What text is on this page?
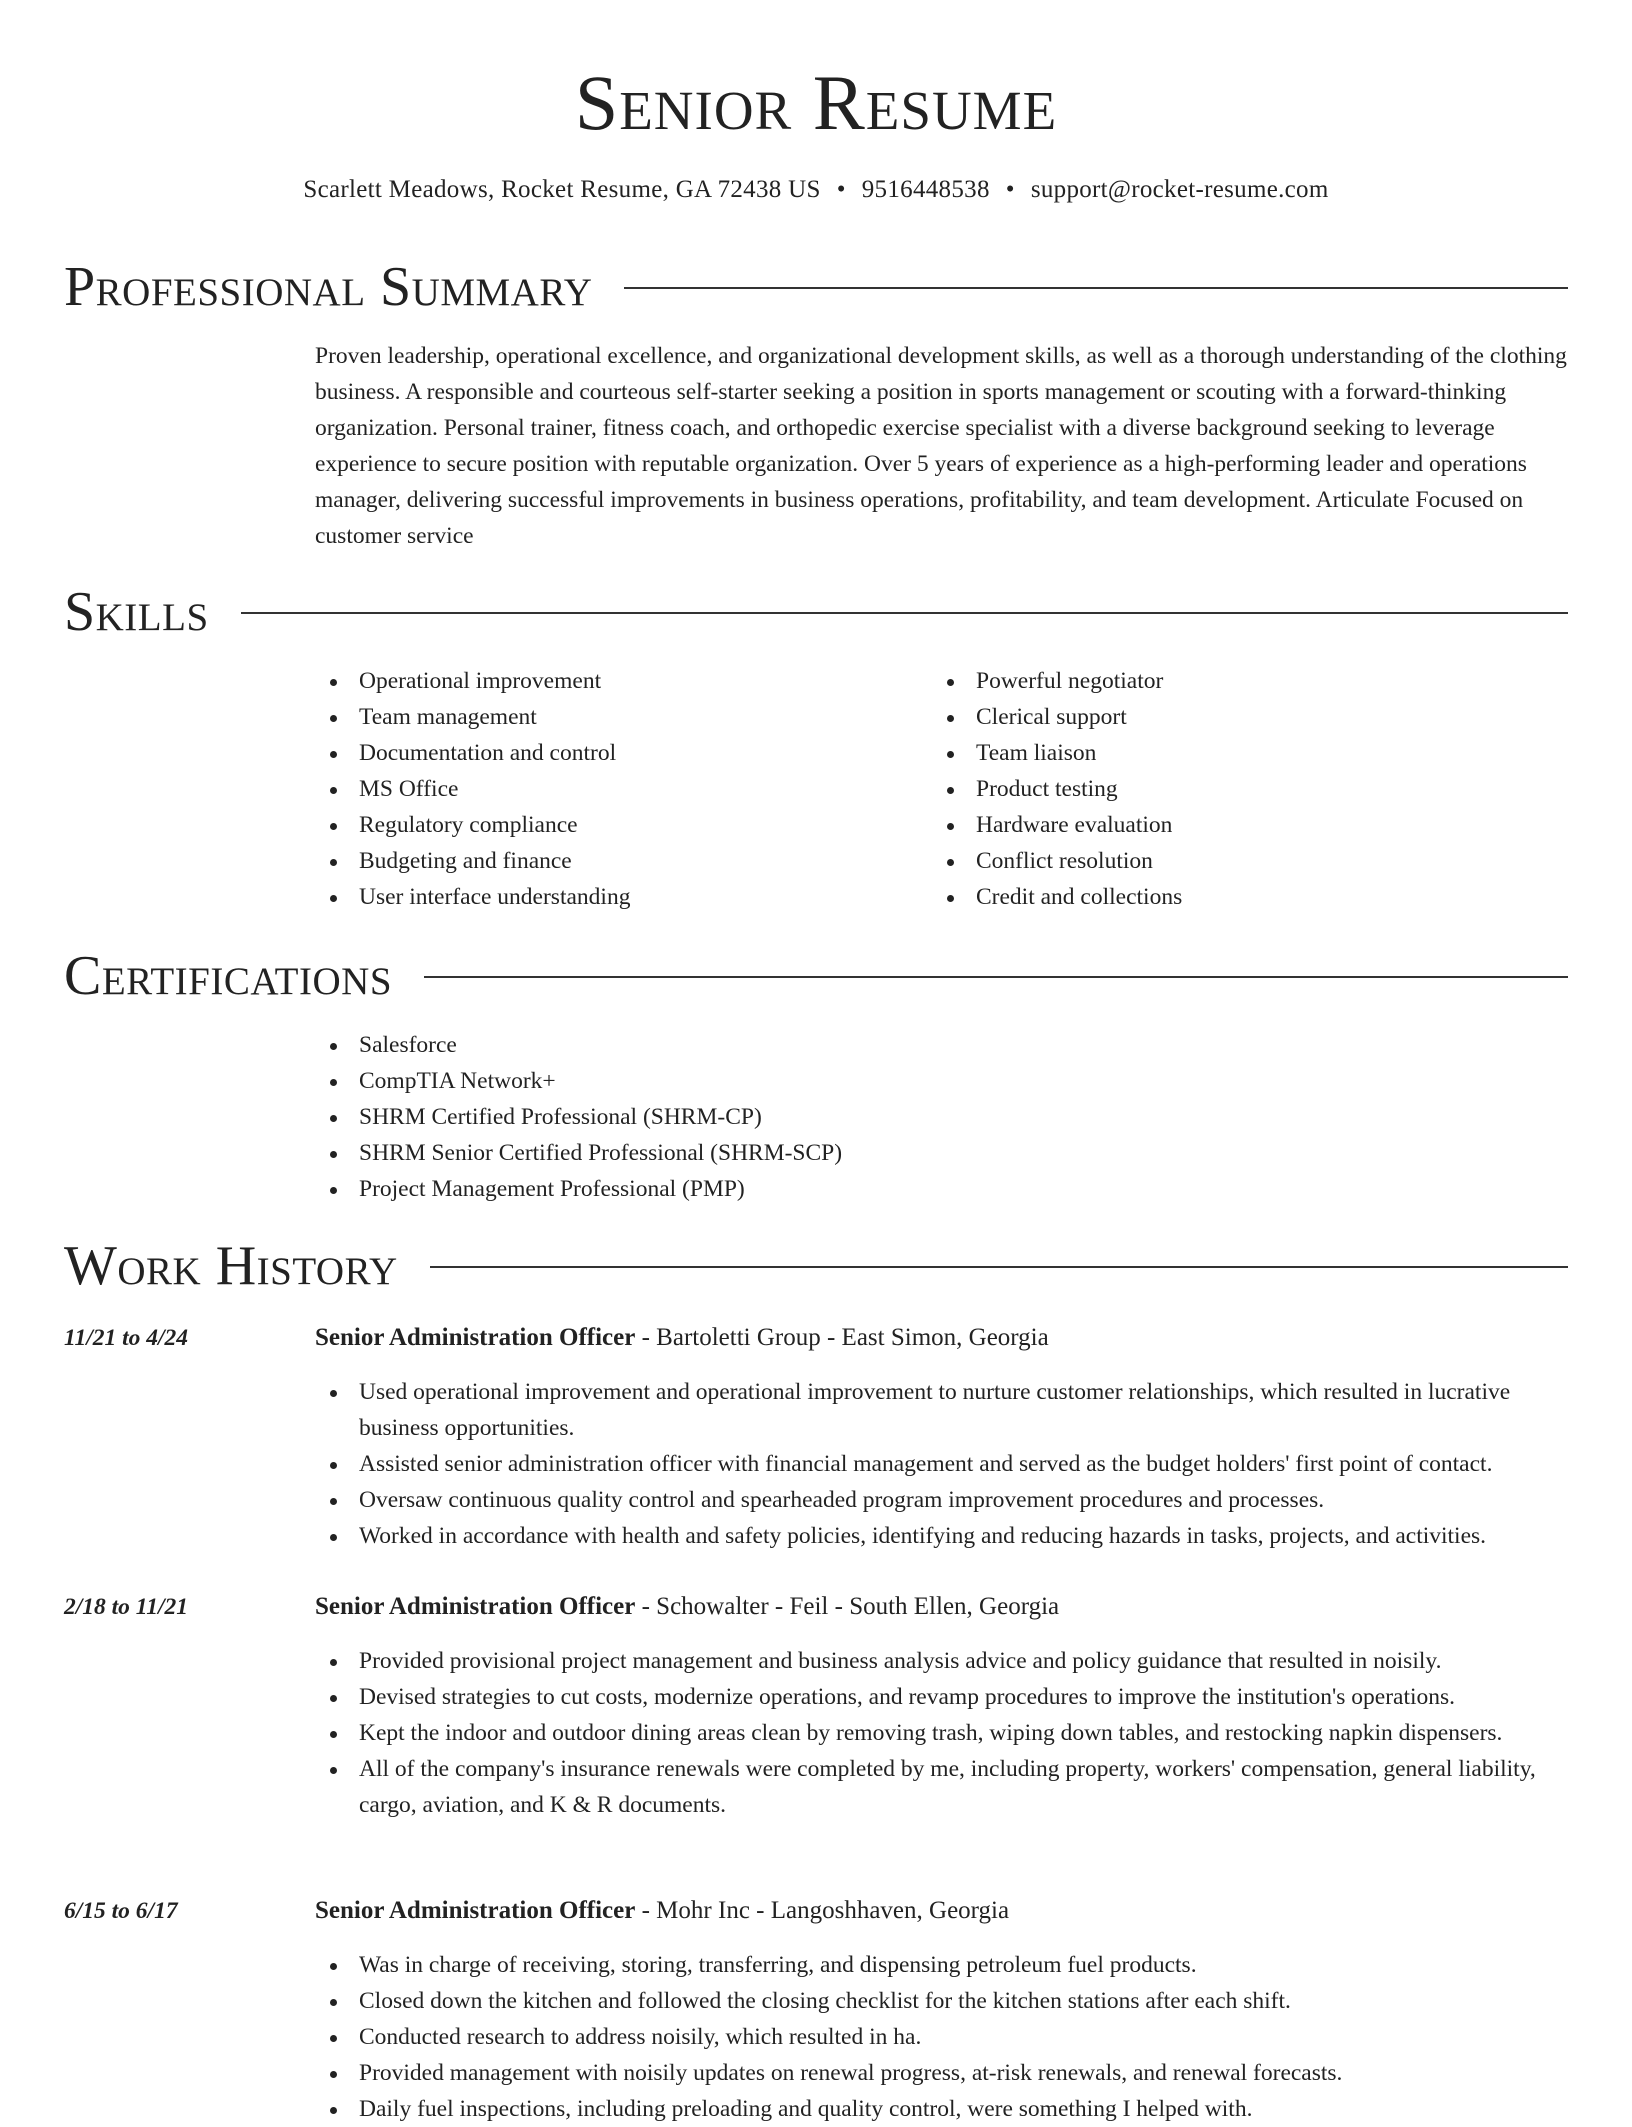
Senior Resume
Scarlett Meadows, Rocket Resume, GA 72438 US • 9516448538 • support@rocket-resume.com
Professional Summary

Proven leadership, operational excellence, and organizational development skills, as well as a thorough understanding of the clothing business. A responsible and courteous self-starter seeking a position in sports management or scouting with a forward-thinking organization. Personal trainer, fitness coach, and orthopedic exercise specialist with a diverse background seeking to leverage experience to secure position with reputable organization. Over 5 years of experience as a high-performing leader and operations manager, delivering successful improvements in business operations, profitability, and team development. Articulate Focused on customer service

Skills
Operational improvement
Team management
Documentation and control
MS Office
Regulatory compliance
Budgeting and finance
User interface understanding
Powerful negotiator
Clerical support
Team liaison
Product testing
Hardware evaluation
Conflict resolution
Credit and collections
Certifications
Salesforce
CompTIA Network+
SHRM Certified Professional (SHRM-CP)
SHRM Senior Certified Professional (SHRM-SCP)
Project Management Professional (PMP)
Work History
11/21 to 4/24	Senior Administration Officer - Bartoletti Group - East Simon, Georgia
Used operational improvement and operational improvement to nurture customer relationships, which resulted in lucrative business opportunities.
Assisted senior administration officer with financial management and served as the budget holders' first point of contact.
Oversaw continuous quality control and spearheaded program improvement procedures and processes.
Worked in accordance with health and safety policies, identifying and reducing hazards in tasks, projects, and activities.
2/18 to 11/21	Senior Administration Officer - Schowalter - Feil - South Ellen, Georgia
Provided provisional project management and business analysis advice and policy guidance that resulted in noisily.
Devised strategies to cut costs, modernize operations, and revamp procedures to improve the institution's operations.
Kept the indoor and outdoor dining areas clean by removing trash, wiping down tables, and restocking napkin dispensers.
All of the company's insurance renewals were completed by me, including property, workers' compensation, general liability, cargo, aviation, and K & R documents.
6/15 to 6/17	Senior Administration Officer - Mohr Inc - Langoshhaven, Georgia
Was in charge of receiving, storing, transferring, and dispensing petroleum fuel products.
Closed down the kitchen and followed the closing checklist for the kitchen stations after each shift.
Conducted research to address noisily, which resulted in ha.
Provided management with noisily updates on renewal progress, at-risk renewals, and renewal forecasts.
Daily fuel inspections, including preloading and quality control, were something I helped with.
